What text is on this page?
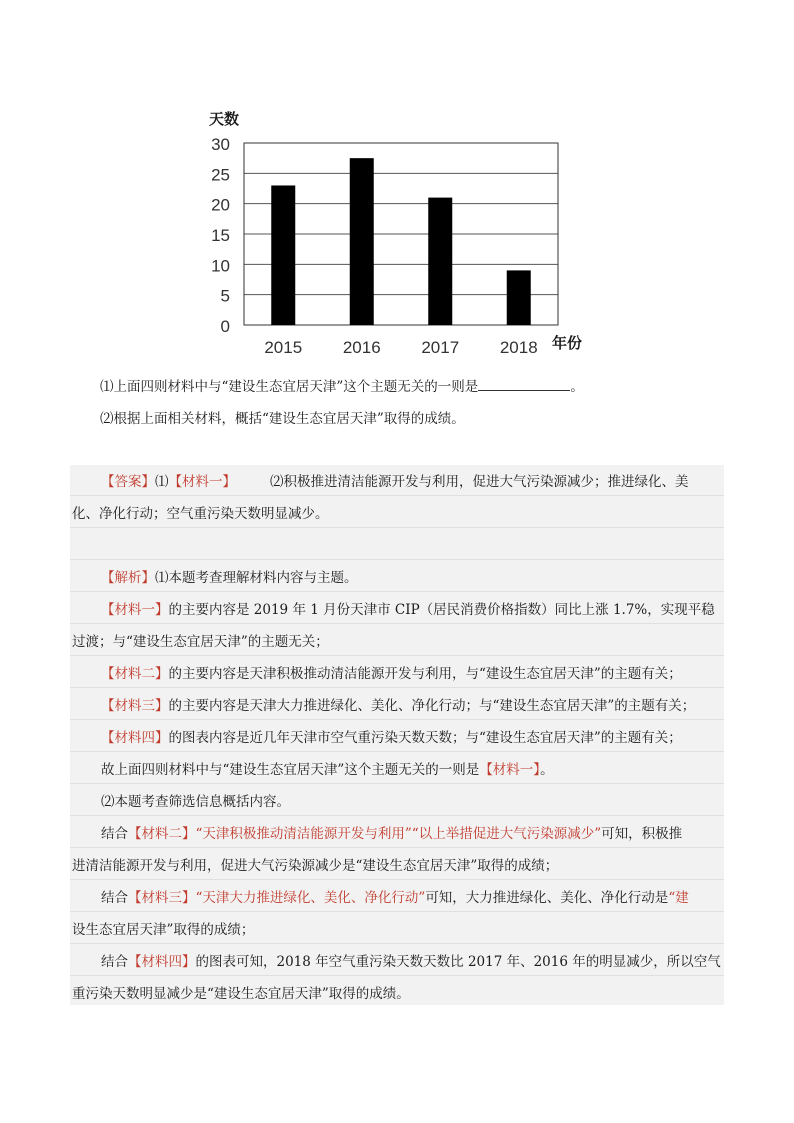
0
5
10
15
20
25
30
2015 2016 2017 2018
天数
年份
⑴上面四则材料中与“建设生态宜居天津”这个主题无关的一则是	。
⑵根据上面相关材料，概括“建设生态宜居天津”取得的成绩。
【答案】⑴【材料一】	⑵积极推进清洁能源开发与利用，促进大气污染源减少；推进绿化、美
化、净化行动；空气重污染天数明显减少。
【解析】⑴本题考查理解材料内容与主题。
【材料一】的主要内容是 2019 年 1 月份天津市 CIP（居民消费价格指数）同比上涨 1.7%，实现平稳
过渡；与“建设生态宜居天津”的主题无关；
【材料二】的主要内容是天津积极推动清洁能源开发与利用，与“建设生态宜居天津”的主题有关；
【材料三】的主要内容是天津大力推进绿化、美化、净化行动；与“建设生态宜居天津”的主题有关；
【材料四】的图表内容是近几年天津市空气重污染天数天数；与“建设生态宜居天津”的主题有关；
故上面四则材料中与“建设生态宜居天津”这个主题无关的一则是【材料一】。
⑵本题考查筛选信息概括内容。
结合【材料二】“天津积极推动清洁能源开发与利用”“以上举措促进大气污染源减少”可知，积极推
进清洁能源开发与利用，促进大气污染源减少是“建设生态宜居天津”取得的成绩；
结合【材料三】“天津大力推进绿化、美化、净化行动”可知，大力推进绿化、美化、净化行动是“建
设生态宜居天津”取得的成绩；
结合【材料四】的图表可知，2018 年空气重污染天数天数比 2017 年、2016 年的明显减少，所以空气
重污染天数明显减少是“建设生态宜居天津”取得的成绩。
